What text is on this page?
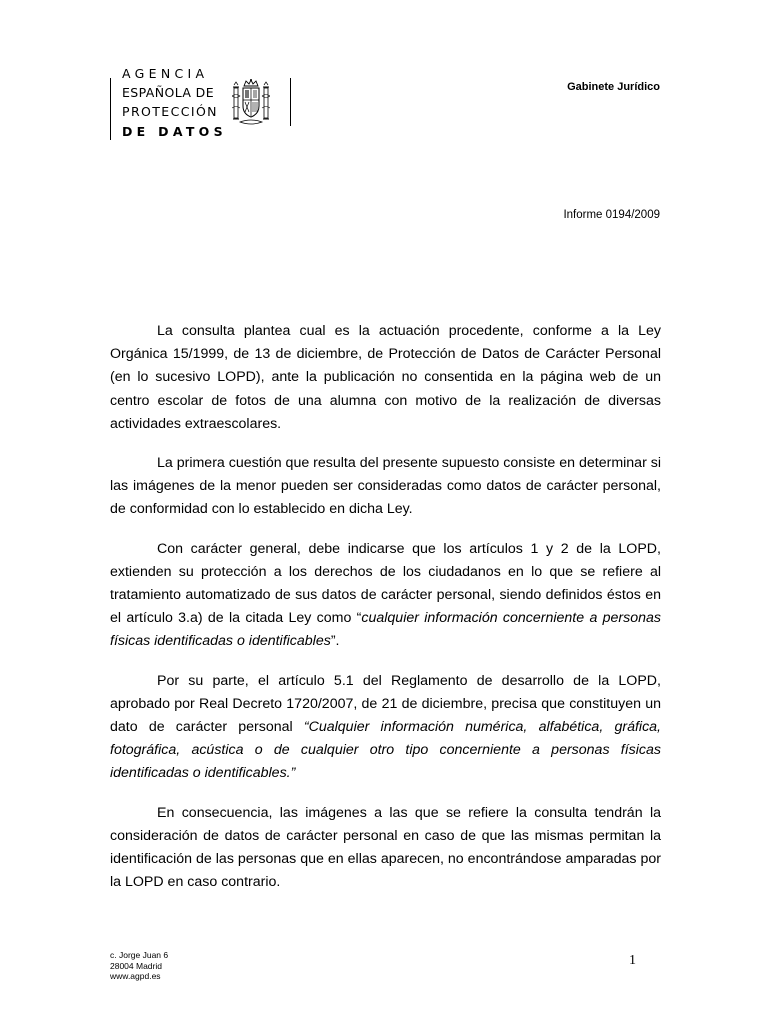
AGENCIA
ESPAÑOLA DE
PROTECCIÓN
DE DATOS
Gabinete Jurídico
Informe 0194/2009

La consulta plantea cual es la actuación procedente, conforme a la Ley Orgánica 15/1999, de 13 de diciembre, de Protección de Datos de Carácter Personal (en lo sucesivo LOPD), ante la publicación no consentida en la página web de un centro escolar de fotos de una alumna con motivo de la realización de diversas actividades extraescolares.

La primera cuestión que resulta del presente supuesto consiste en determinar si las imágenes de la menor pueden ser consideradas como datos de carácter personal, de conformidad con lo establecido en dicha Ley.

Con carácter general, debe indicarse que los artículos 1 y 2 de la LOPD, extienden su protección a los derechos de los ciudadanos en lo que se refiere al tratamiento automatizado de sus datos de carácter personal, siendo definidos éstos en el artículo 3.a) de la citada Ley como “cualquier información concerniente a personas físicas identificadas o identificables”.

Por su parte, el artículo 5.1 del Reglamento de desarrollo de la LOPD, aprobado por Real Decreto 1720/2007, de 21 de diciembre, precisa que constituyen un dato de carácter personal “Cualquier información numérica, alfabética, gráfica, fotográfica, acústica o de cualquier otro tipo concerniente a personas físicas identificadas o identificables.”

En consecuencia, las imágenes a las que se refiere la consulta tendrán la consideración de datos de carácter personal en caso de que las mismas permitan la identificación de las personas que en ellas aparecen, no encontrándose amparadas por la LOPD en caso contrario.

c. Jorge Juan 6
28004 Madrid
www.agpd.es
1
